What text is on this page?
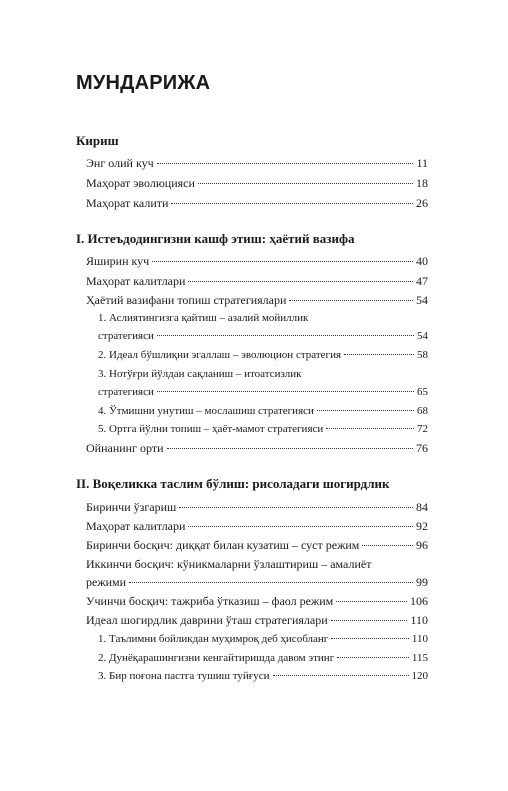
МУНДАРИЖА
Кириш
Энг олий куч	11
Маҳорат эволюцияси	18
Маҳорат калити	26
I. Истеъдодингизни кашф этиш: ҳаётий вазифа
Яширин куч	40
Маҳорат калитлари	47
Ҳаётий вазифани топиш стратегиялари	54
1. Аслиятингизга қайтиш – азалий мойиллик
стратегияси	54
2. Идеал бўшлиқни эгаллаш – эволюцион стратегия	58
3. Нотўғри йўлдан сақланиш – итоатсизлик
стратегияси	65
4. Ўтмишни унутиш – мослашиш стратегияси	68
5. Ортга йўлни топиш – ҳаёт-мамот стратегияси	72
Ойнанинг орти	76
II. Воқеликка таслим бўлиш: рисоладаги шогирдлик
Биринчи ўзгариш	84
Маҳорат калитлари	92
Биринчи босқич: диққат билан кузатиш – суст режим	96
Иккинчи босқич: кўникмаларни ўзлаштириш – амалиёт
режими	99
Учинчи босқич: тажриба ўтказиш – фаол режим	106
Идеал шогирдлик даврини ўташ стратегиялари	110
1. Таълимни бойликдан муҳимроқ деб ҳисобланг	110
2. Дунёқарашингизни кенгайтиришда давом этинг	115
3. Бир поғона пастга тушиш туйғуси	120
